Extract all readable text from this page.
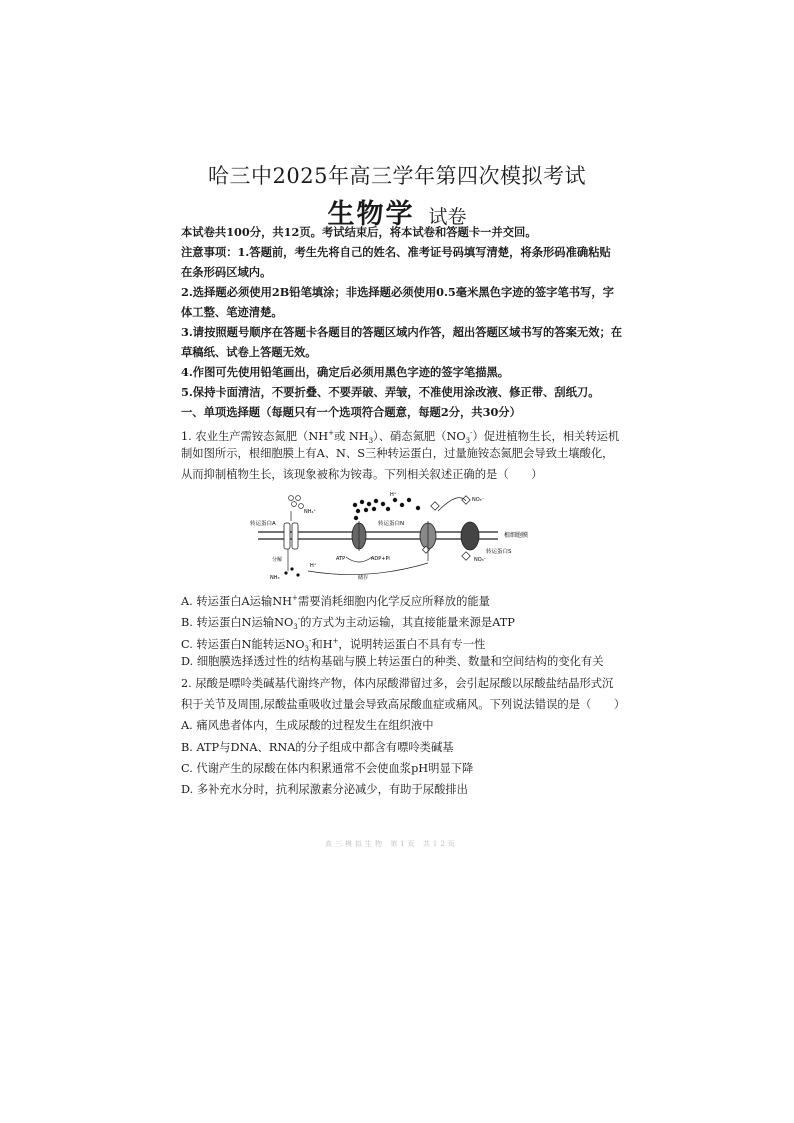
哈三中2025年高三学年第四次模拟考试
生物学 试卷
本试卷共100分，共12页。考试结束后，将本试卷和答题卡一并交回。
注意事项：1.答题前，考生先将自己的姓名、准考证号码填写清楚，将条形码准确粘贴
在条形码区域内。
2.选择题必须使用2B铅笔填涂；非选择题必须使用0.5毫米黑色字迹的签字笔书写，字
体工整、笔迹清楚。
3.请按照题号顺序在答题卡各题目的答题区域内作答，超出答题区域书写的答案无效；在
草稿纸、试卷上答题无效。
4.作图可先使用铅笔画出，确定后必须用黑色字迹的签字笔描黑。
5.保持卡面清洁，不要折叠、不要弄破、弄皱，不准使用涂改液、修正带、刮纸刀。
一、单项选择题（每题只有一个选项符合题意，每题2分，共30分）
1. 农业生产需铵态氮肥（NH+或 $NH_3$）、硝态氮肥$(NO_3^-)$促进植物生长，相关转运机
制如图所示，根细胞膜上有A、N、S三种转运蛋白，过量施铵态氮肥会导致土壤酸化，
从而抑制植物生长，该现象被称为铵毒。下列相关叙述正确的是（　　）
根细胞膜
转运蛋白A	转运蛋白N
转运蛋白S
NH₄⁺
H⁺
NO₃⁻
NO₃⁻
ATP	ADP+Pi
分解
H⁺
NH₃	储存
A. 转运蛋白A运输NH+需要消耗细胞内化学反应所释放的能量
B. 转运蛋白N运输$NO_3^-$的方式为主动运输，其直接能量来源是ATP
C. 转运蛋白N能转运$NO_3^-$和H+，说明转运蛋白不具有专一性
D. 细胞膜选择透过性的结构基础与膜上转运蛋白的种类、数量和空间结构的变化有关
2. 尿酸是嘌呤类碱基代谢终产物，体内尿酸滞留过多，会引起尿酸以尿酸盐结晶形式沉
积于关节及周围,尿酸盐重吸收过量会导致高尿酸血症或痛风。下列说法错误的是（　　）
A. 痛风患者体内，生成尿酸的过程发生在组织液中
B. ATP与DNA、RNA的分子组成中都含有嘌呤类碱基
C. 代谢产生的尿酸在体内积累通常不会使血浆pH明显下降
D. 多补充水分时，抗利尿激素分泌减少，有助于尿酸排出
高三模拟生物 第1页 共12页
